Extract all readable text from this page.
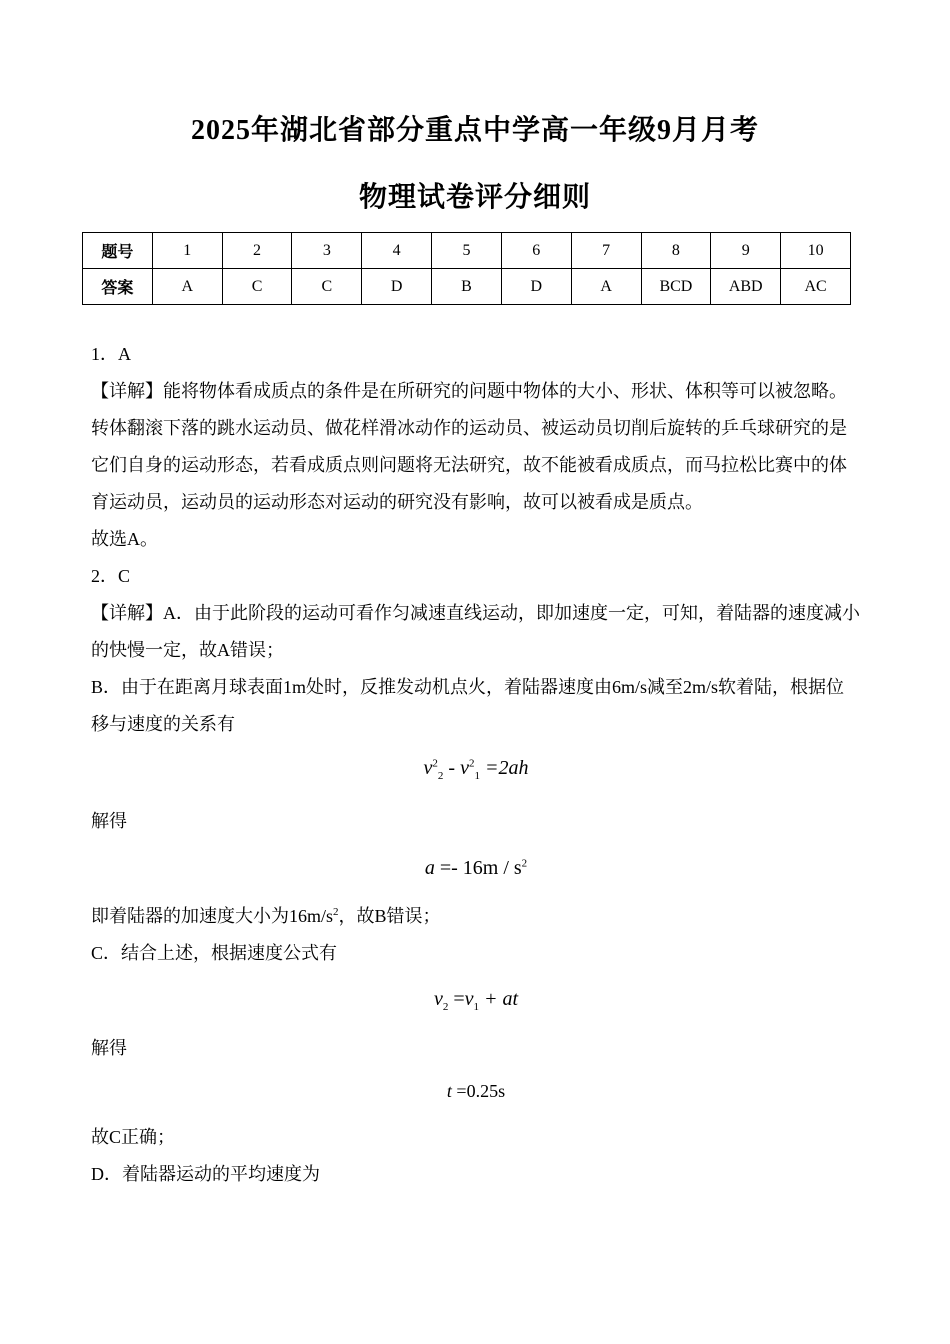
2025年湖北省部分重点中学高一年级9月月考
物理试卷评分细则
题号	1	2	3	4	5	6	7	8	9	10
答案	A	C	C	D	B	D	A	BCD	ABD	AC

1．A

【详解】能将物体看成质点的条件是在所研究的问题中物体的大小、形状、体积等可以被忽略。转体翻滚下落的跳水运动员、做花样滑冰动作的运动员、被运动员切削后旋转的乒乓球研究的是它们自身的运动形态，若看成质点则问题将无法研究，故不能被看成质点，而马拉松比赛中的体育运动员，运动员的运动形态对运动的研究没有影响，故可以被看成是质点。

故选A。

2．C

【详解】A．由于此阶段的运动可看作匀减速直线运动，即加速度一定，可知，着陆器的速度减小的快慢一定，故A错误；

B．由于在距离月球表面1m处时，反推发动机点火，着陆器速度由6m/s减至2m/s软着陆，根据位移与速度的关系有

$v^2_2 - v^2_1 =2ah$

解得

$a =- 16m / s^2$

即着陆器的加速度大小为$16m/s^2$，故B错误；

C．结合上述，根据速度公式有

$v_2 =v_1$ + at

解得

t =0.25s

故C正确；

D．着陆器运动的平均速度为
